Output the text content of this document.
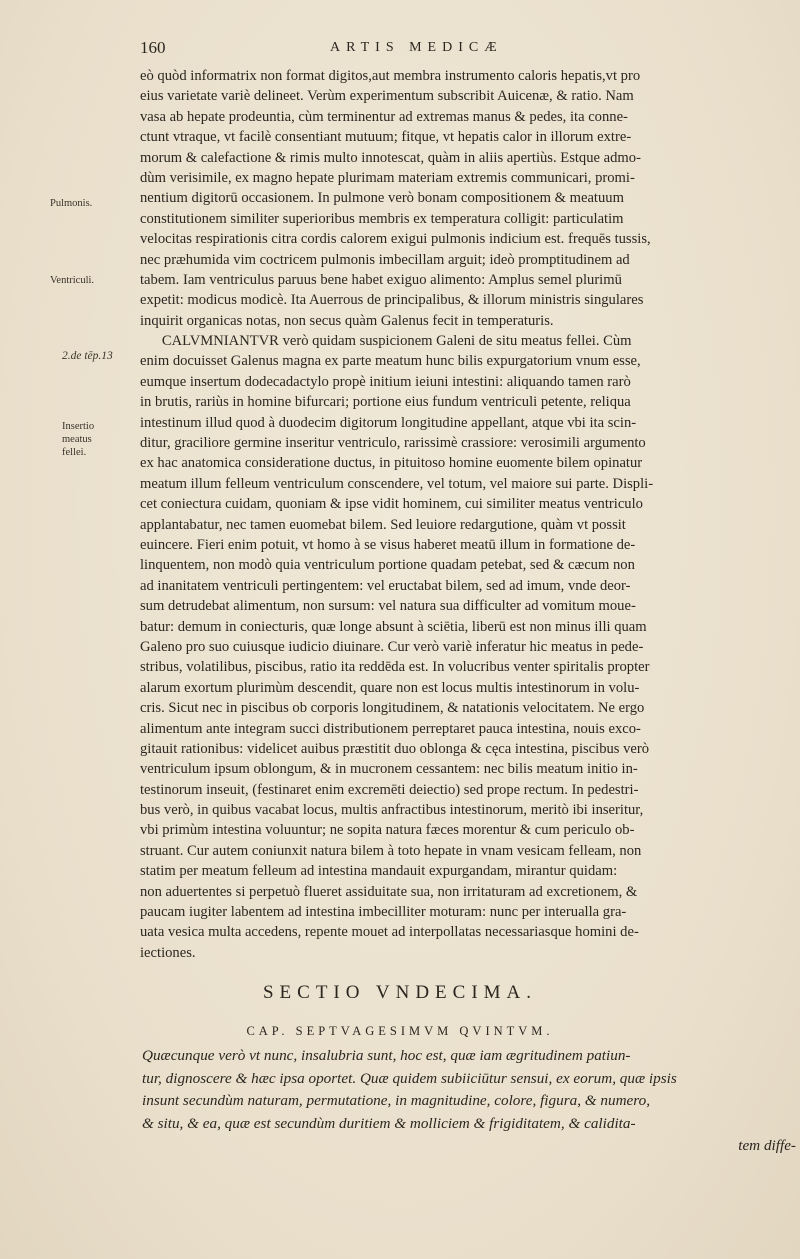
160	ARTIS MEDICÆ
Pulmonis.
Ventriculi.
2.de tēp.13
Insertio
meatus
fellei.
eò quòd informatrix non format digitos,aut membra instrumento caloris hepatis,vt pro
eius varietate variè delineet. Verùm experimentum subscribit Auicenæ, & ratio. Nam
vasa ab hepate prodeuntia, cùm terminentur ad extremas manus & pedes, ita conne-
ctunt vtraque, vt facilè consentiant mutuum; fitque, vt hepatis calor in illorum extre-
morum & calefactione & rimis multo innotescat, quàm in aliis apertiùs. Estque admo-
dùm verisimile, ex magno hepate plurimam materiam extremis communicari, promi-
nentium digitorū occasionem. In pulmone verò bonam compositionem & meatuum
constitutionem similiter superioribus membris ex temperatura colligit: particulatim
velocitas respirationis citra cordis calorem exigui pulmonis indicium est. frequēs tussis,
nec præhumida vim coctricem pulmonis imbecillam arguit; ideò promptitudinem ad
tabem. Iam ventriculus paruus bene habet exiguo alimento: Amplus semel plurimū
expetit: modicus modicè. Ita Auerrous de principalibus, & illorum ministris singulares
inquirit organicas notas, non secus quàm Galenus fecit in temperaturis.
CALVMNIANTVR verò quidam suspicionem Galeni de situ meatus fellei. Cùm
enim docuisset Galenus magna ex parte meatum hunc bilis expurgatorium vnum esse,
eumque insertum dodecadactylo propè initium ieiuni intestini: aliquando tamen rarò
in brutis, rariùs in homine bifurcari; portione eius fundum ventriculi petente, reliqua
intestinum illud quod à duodecim digitorum longitudine appellant, atque vbi ita scin-
ditur, graciliore germine inseritur ventriculo, rarissimè crassiore: verosimili argumento
ex hac anatomica consideratione ductus, in pituitoso homine euomente bilem opinatur
meatum illum felleum ventriculum conscendere, vel totum, vel maiore sui parte. Displi-
cet coniectura cuidam, quoniam & ipse vidit hominem, cui similiter meatus ventriculo
applantabatur, nec tamen euomebat bilem. Sed leuiore redargutione, quàm vt possit
euincere. Fieri enim potuit, vt homo à se visus haberet meatū illum in formatione de-
linquentem, non modò quia ventriculum portione quadam petebat, sed & cæcum non
ad inanitatem ventriculi pertingentem: vel eructabat bilem, sed ad imum, vnde deor-
sum detrudebat alimentum, non sursum: vel natura sua difficulter ad vomitum moue-
batur: demum in coniecturis, quæ longe absunt à sciētia, liberū est non minus illi quam
Galeno pro suo cuiusque iudicio diuinare. Cur verò variè inferatur hic meatus in pede-
stribus, volatilibus, piscibus, ratio ita reddēda est. In volucribus venter spiritalis propter
alarum exortum plurimùm descendit, quare non est locus multis intestinorum in volu-
cris. Sicut nec in piscibus ob corporis longitudinem, & natationis velocitatem. Ne ergo
alimentum ante integram succi distributionem perreptaret pauca intestina, nouis exco-
gitauit rationibus: videlicet auibus præstitit duo oblonga & cęca intestina, piscibus verò
ventriculum ipsum oblongum, & in mucronem cessantem: nec bilis meatum initio in-
testinorum inseuit, (festinaret enim excremēti deiectio) sed prope rectum. In pedestri-
bus verò, in quibus vacabat locus, multis anfractibus intestinorum, meritò ibi inseritur,
vbi primùm intestina voluuntur; ne sopita natura fæces morentur & cum periculo ob-
struant. Cur autem coniunxit natura bilem à toto hepate in vnam vesicam felleam, non
statim per meatum felleum ad intestina mandauit expurgandam, mirantur quidam:
non aduertentes si perpetuò flueret assiduitate sua, non irritaturam ad excretionem, &
paucam iugiter labentem ad intestina imbecilliter moturam: nunc per interualla gra-
uata vesica multa accedens, repente mouet ad interpollatas necessariasque homini de-
iectiones.
SECTIO VNDECIMA.
CAP. SEPTVAGESIMVM QVINTVM.
Quæcunque verò vt nunc, insalubria sunt, hoc est, quæ iam ægritudinem patiun-
tur, dignoscere & hæc ipsa oportet. Quæ quidem subiiciūtur sensui, ex eorum, quæ ipsis
insunt secundùm naturam, permutatione, in magnitudine, colore, figura, & numero,
& situ, & ea, quæ est secundùm duritiem & molliciem & frigiditatem, & calidita-
tem diffe-
